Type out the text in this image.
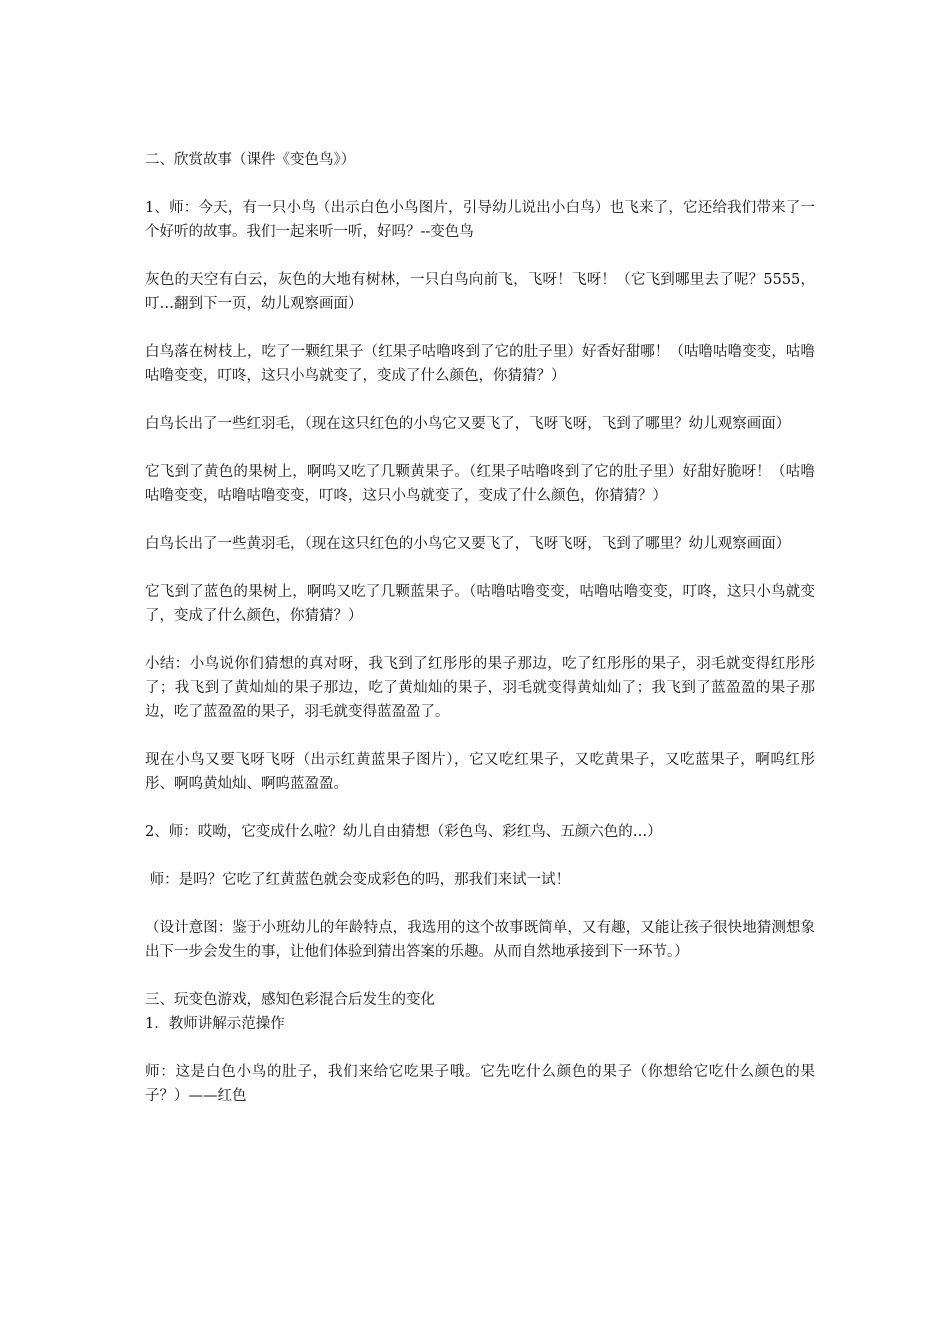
二、欣赏故事（课件《变色鸟》）

1、师：今天，有一只小鸟（出示白色小鸟图片，引导幼儿说出小白鸟）也飞来了，它还给我们带来了一个好听的故事。我们一起来听一听，好吗？--变色鸟

灰色的天空有白云，灰色的大地有树林，一只白鸟向前飞，飞呀！飞呀！（它飞到哪里去了呢？5555，叮…翻到下一页，幼儿观察画面）

白鸟落在树枝上，吃了一颗红果子（红果子咕噜咚到了它的肚子里）好香好甜哪！（咕噜咕噜变变，咕噜咕噜变变，叮咚，这只小鸟就变了，变成了什么颜色，你猜猜？）

白鸟长出了一些红羽毛，（现在这只红色的小鸟它又要飞了，飞呀飞呀，飞到了哪里？幼儿观察画面）

它飞到了黄色的果树上，啊呜又吃了几颗黄果子。（红果子咕噜咚到了它的肚子里）好甜好脆呀！（咕噜咕噜变变，咕噜咕噜变变，叮咚，这只小鸟就变了，变成了什么颜色，你猜猜？）

白鸟长出了一些黄羽毛，（现在这只红色的小鸟它又要飞了，飞呀飞呀，飞到了哪里？幼儿观察画面）

它飞到了蓝色的果树上，啊呜又吃了几颗蓝果子。（咕噜咕噜变变，咕噜咕噜变变，叮咚，这只小鸟就变了，变成了什么颜色，你猜猜？）

小结：小鸟说你们猜想的真对呀，我飞到了红彤彤的果子那边，吃了红彤彤的果子，羽毛就变得红彤彤了；我飞到了黄灿灿的果子那边，吃了黄灿灿的果子，羽毛就变得黄灿灿了；我飞到了蓝盈盈的果子那边，吃了蓝盈盈的果子，羽毛就变得蓝盈盈了。

现在小鸟又要飞呀飞呀（出示红黄蓝果子图片），它又吃红果子，又吃黄果子，又吃蓝果子，啊呜红彤彤、啊呜黄灿灿、啊呜蓝盈盈。

2、师：哎呦，它变成什么啦？幼儿自由猜想（彩色鸟、彩红鸟、五颜六色的…）

师：是吗？它吃了红黄蓝色就会变成彩色的吗，那我们来试一试！

（设计意图：鉴于小班幼儿的年龄特点，我选用的这个故事既简单，又有趣，又能让孩子很快地猜测想象出下一步会发生的事，让他们体验到猜出答案的乐趣。从而自然地承接到下一环节。）

三、玩变色游戏，感知色彩混合后发生的变化

1．教师讲解示范操作

师：这是白色小鸟的肚子，我们来给它吃果子哦。它先吃什么颜色的果子（你想给它吃什么颜色的果子？）——红色
